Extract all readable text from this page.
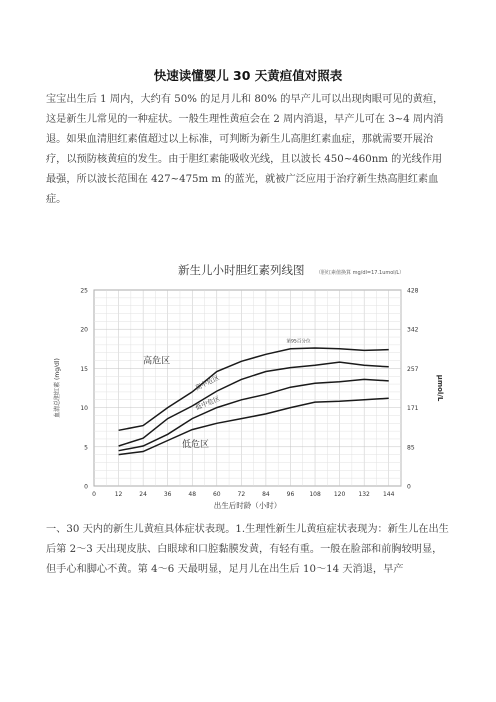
快速读懂婴儿 30 天黄疸值对照表

宝宝出生后 1 周内，大约有 50% 的足月儿和 80% 的早产儿可以出现肉眼可见的黄疸，这是新生儿常见的一种症状。一般生理性黄疸会在 2 周内消退，早产儿可在 3~4 周内消退。如果血清胆红素值超过以上标准，可判断为新生儿高胆红素血症，那就需要开展治疗，以预防核黄疸的发生。由于胆红素能吸收光线，且以波长 450~460nm 的光线作用最强，所以波长范围在 427~475m m 的蓝光，就被广泛应用于治疗新生热高胆红素血症。

新生儿小时胆红素列线图 （胆红素值换算 mg/dl=17.1umol/L）
0	12	24	36	48	60	72	84	96	108 120 132 144
0
5
10
15
20
25
0
85
171
257
342
428
出生后时龄（小时）
血清总胆红素 (mg/dl)	µmol/L
第95百分位
高危区
高中危区
低中危区
低危区

一、30 天内的新生儿黄疸具体症状表现。1.生理性新生儿黄疸症状表现为：新生儿在出生后第 2～3 天出现皮肤、白眼球和口腔黏膜发黄，有轻有重。一般在脸部和前胸较明显，但手心和脚心不黄。第 4～6 天最明显，足月儿在出生后 10～14 天消退，早产
